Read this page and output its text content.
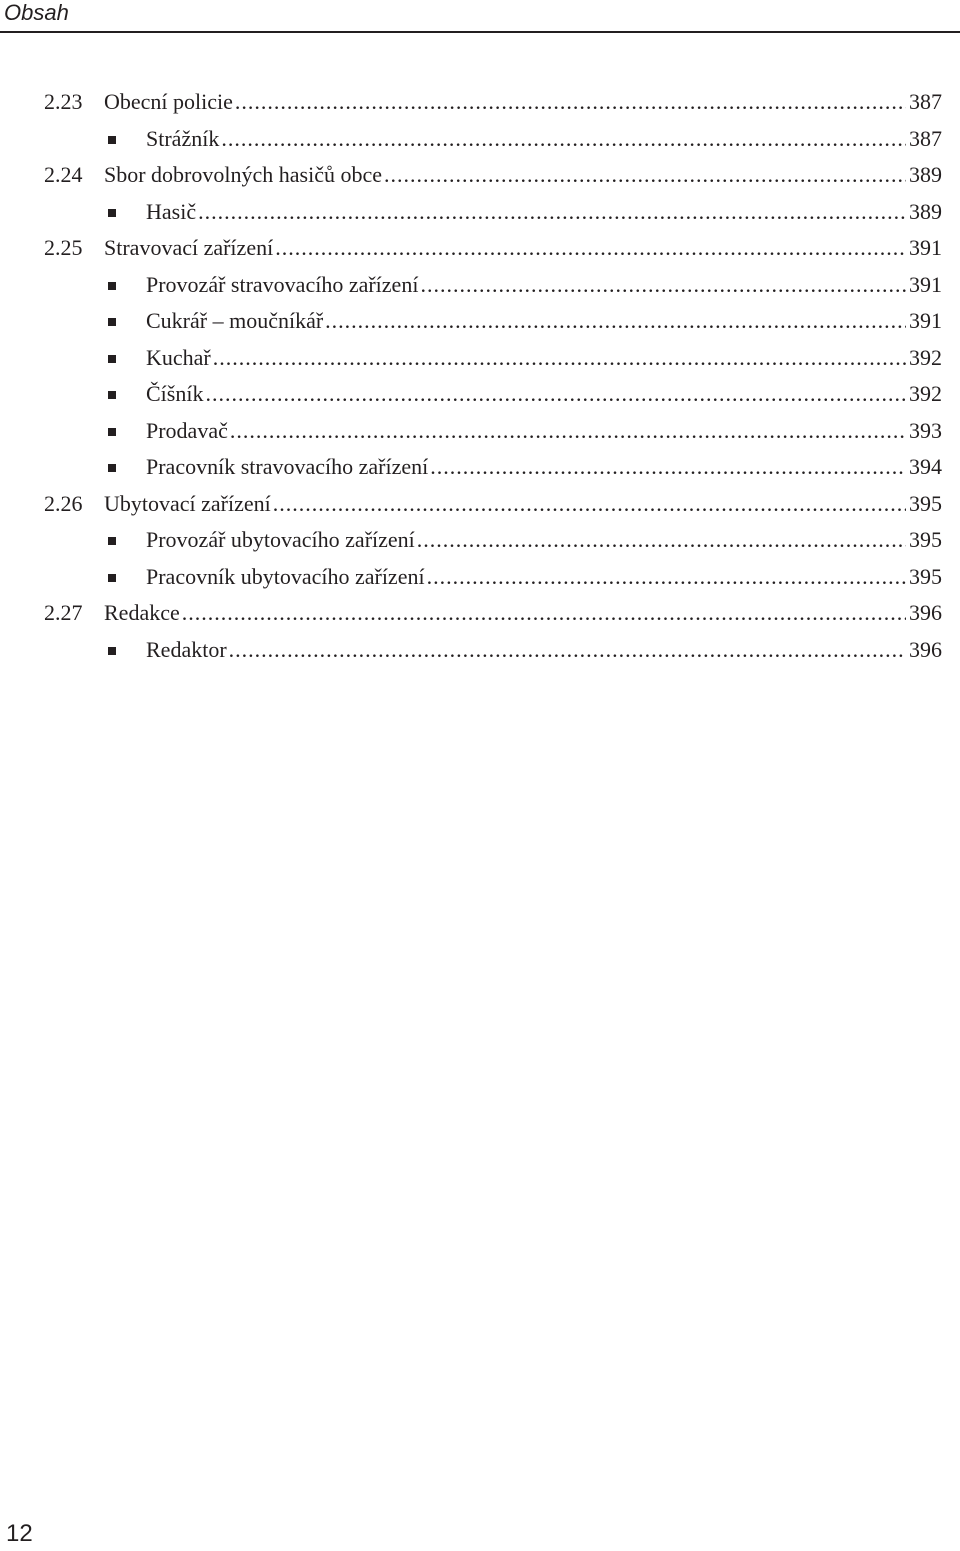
Obsah
2.23 Obecní policie .....	387
Strážník .....	387
2.24 Sbor dobrovolných hasičů obce .....	389
Hasič .....	389
2.25 Stravovací zařízení .....	391
Provozář stravovacího zařízení .....	391
Cukrář – moučníkář .....	391
Kuchař .....	392
Číšník .....	392
Prodavač .....	393
Pracovník stravovacího zařízení .....	394
2.26 Ubytovací zařízení .....	395
Provozář ubytovacího zařízení .....	395
Pracovník ubytovacího zařízení .....	395
2.27 Redakce .....	396
Redaktor .....	396
12
